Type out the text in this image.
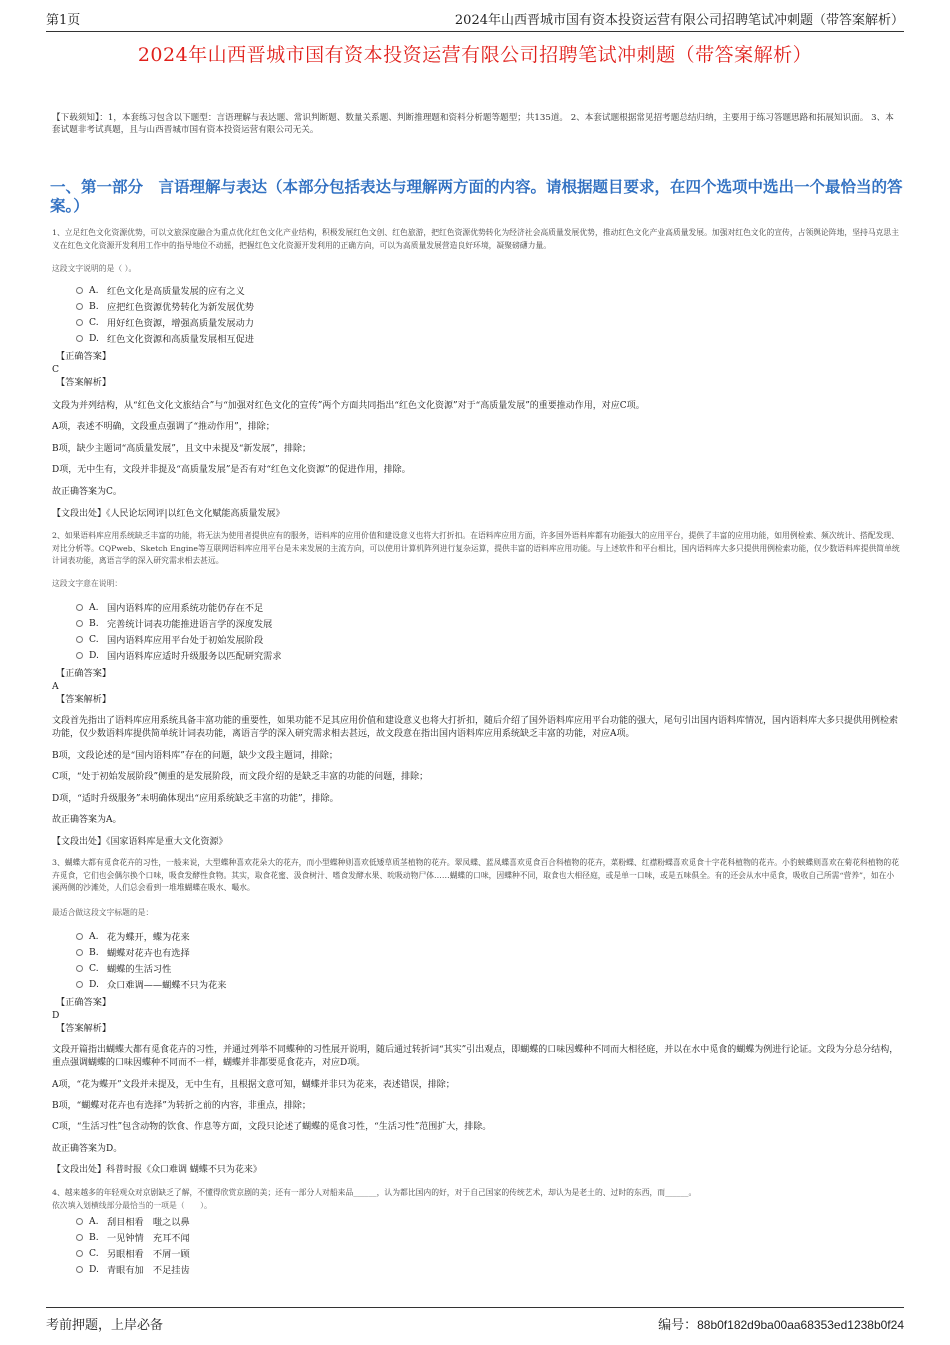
第1页	2024年山西晋城市国有资本投资运营有限公司招聘笔试冲刺题（带答案解析）
2024年山西晋城市国有资本投资运营有限公司招聘笔试冲刺题（带答案解析）

【下载须知】：1，本套练习包含以下题型：言语理解与表达题、常识判断题、数量关系题、判断推理题和资料分析题等题型；共135道。 2、本套试题根据常见招考题总结归纳，主要用于练习答题思路和拓展知识面。 3、本套试题非考试真题，且与山西晋城市国有资本投资运营有限公司无关。

一、第一部分　言语理解与表达（本部分包括表达与理解两方面的内容。请根据题目要求，在四个选项中选出一个最恰当的答案。）

1、立足红色文化资源优势，可以文旅深度融合为重点优化红色文化产业结构，积极发展红色文创、红色旅游，把红色资源优势转化为经济社会高质量发展优势，推动红色文化产业高质量发展。加强对红色文化的宣传，占领舆论阵地，坚持马克思主义在红色文化资源开发利用工作中的指导地位不动摇，把握红色文化资源开发利用的正确方向，可以为高质量发展营造良好环境，凝聚磅礴力量。

这段文字说明的是（ ）。

A. 红色文化是高质量发展的应有之义
B. 应把红色资源优势转化为新发展优势
C. 用好红色资源，增强高质量发展动力
D. 红色文化资源和高质量发展相互促进
【正确答案】
C
【答案解析】

文段为并列结构，从“红色文化文旅结合”与“加强对红色文化的宣传”两个方面共同指出“红色文化资源”对于“高质量发展”的重要推动作用，对应C项。

A项，表述不明确，文段重点强调了“推动作用”，排除；

B项，缺少主题词“高质量发展”，且文中未提及“新发展”，排除；

D项，无中生有，文段并非提及“高质量发展”是否有对“红色文化资源”的促进作用，排除。

故正确答案为C。

【文段出处】《人民论坛网评|以红色文化赋能高质量发展》

2、如果语料库应用系统缺乏丰富的功能，将无法为使用者提供应有的服务，语料库的应用价值和建设意义也将大打折扣。在语料库应用方面，许多国外语料库都有功能强大的应用平台，提供了丰富的应用功能，如用例检索、频次统计、搭配发现、对比分析等。CQPweb、Sketch Engine等互联网语料库应用平台是未来发展的主流方向，可以使用计算机阵列进行复杂运算，提供丰富的语料库应用功能。与上述软件和平台相比，国内语料库大多只提供用例检索功能，仅少数语料库提供简单统计词表功能，离语言学的深入研究需求相去甚远。

这段文字意在说明：

A. 国内语料库的应用系统功能仍存在不足
B. 完善统计词表功能推进语言学的深度发展
C. 国内语料库应用平台处于初始发展阶段
D. 国内语料库应适时升级服务以匹配研究需求
【正确答案】
A
【答案解析】

文段首先指出了语料库应用系统具备丰富功能的重要性，如果功能不足其应用价值和建设意义也将大打折扣，随后介绍了国外语料库应用平台功能的强大，尾句引出国内语料库情况，国内语料库大多只提供用例检索功能，仅少数语料库提供简单统计词表功能，离语言学的深入研究需求相去甚远，故文段意在指出国内语料库应用系统缺乏丰富的功能，对应A项。

B项，文段论述的是“国内语料库”存在的问题，缺少文段主题词，排除；

C项，“处于初始发展阶段”侧重的是发展阶段，而文段介绍的是缺乏丰富的功能的问题，排除；

D项，“适时升级服务”未明确体现出“应用系统缺乏丰富的功能”，排除。

故正确答案为A。

【文段出处】《国家语料库是重大文化资源》

3、蝴蝶大都有觅食花卉的习性，一般来说，大型蝶种喜欢花朵大的花卉，而小型蝶种则喜欢低矮草质茎植物的花卉。翠凤蝶、蓝凤蝶喜欢觅食百合科植物的花卉，菜粉蝶、红襟粉蝶喜欢觅食十字花科植物的花卉。小豹蛱蝶则喜欢在菊花科植物的花卉觅食，它们也会偶尔换个口味，吸食发酵性食物。其实，取食花蜜、汲食树汁、嗜食发酵水果、吮吸动物尸体……蝴蝶的口味，因蝶种不同，取食也大相径庭，或是单一口味，或是五味俱全。有的还会从水中觅食，吸收自己所需“营养”，如在小溪两侧的沙滩处，人们总会看到一堆堆蝴蝶在吸水、嘬水。

最适合做这段文字标题的是：

A. 花为蝶开，蝶为花来
B. 蝴蝶对花卉也有选择
C. 蝴蝶的生活习性
D. 众口难调——蝴蝶不只为花来
【正确答案】
D
【答案解析】

文段开篇指出蝴蝶大都有觅食花卉的习性，并通过列举不同蝶种的习性展开说明，随后通过转折词“其实”引出观点，即蝴蝶的口味因蝶种不同而大相径庭，并以在水中觅食的蝴蝶为例进行论证。文段为分总分结构，重点强调蝴蝶的口味因蝶种不同而不一样，蝴蝶并非都要觅食花卉，对应D项。

A项，“花为蝶开”文段并未提及，无中生有，且根据文意可知，蝴蝶并非只为花来，表述错误，排除；

B项，“蝴蝶对花卉也有选择”为转折之前的内容，非重点，排除；

C项，“生活习性”包含动物的饮食、作息等方面，文段只论述了蝴蝶的觅食习性，“生活习性”范围扩大，排除。

故正确答案为D。

【文段出处】科普时报《众口难调 蝴蝶不只为花来》

4、越来越多的年轻观众对京剧缺乏了解，不懂得欣赏京剧的美；还有一部分人对船来品______，认为都比国内的好，对于自己国家的传统艺术，却认为是老土的、过时的东西，而______。

依次填入划横线部分最恰当的一项是（　　）。

A. 刮目相看　嗤之以鼻
B. 一见钟情　充耳不闻
C. 另眼相看　不屑一顾
D. 青眼有加　不足挂齿
考前押题，上岸必备	编号：88b0f182d9ba00aa68353ed1238b0f24
